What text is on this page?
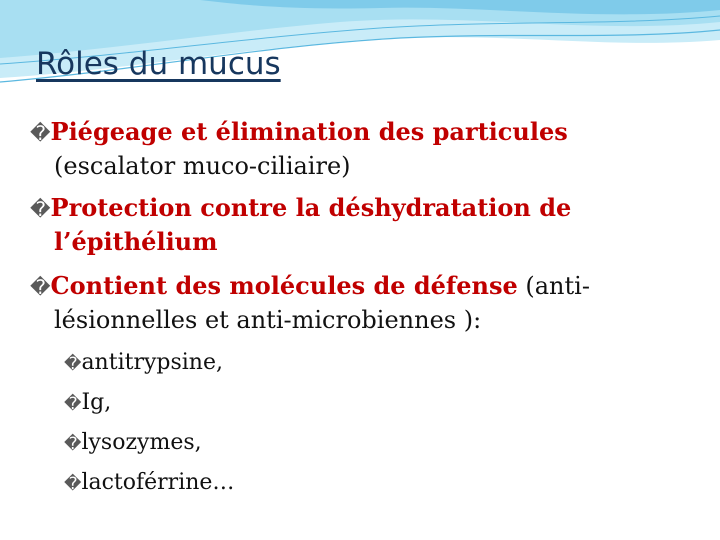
Rôles du mucus
�Piégeage et élimination des particules
(escalator muco-ciliaire)
�Protection contre la déshydratation de
l’épithélium
�Contient des molécules de défense (anti-
lésionnelles et anti-microbiennes ):
�antitrypsine,
�Ig,
�lysozymes,
�lactoférrine…
